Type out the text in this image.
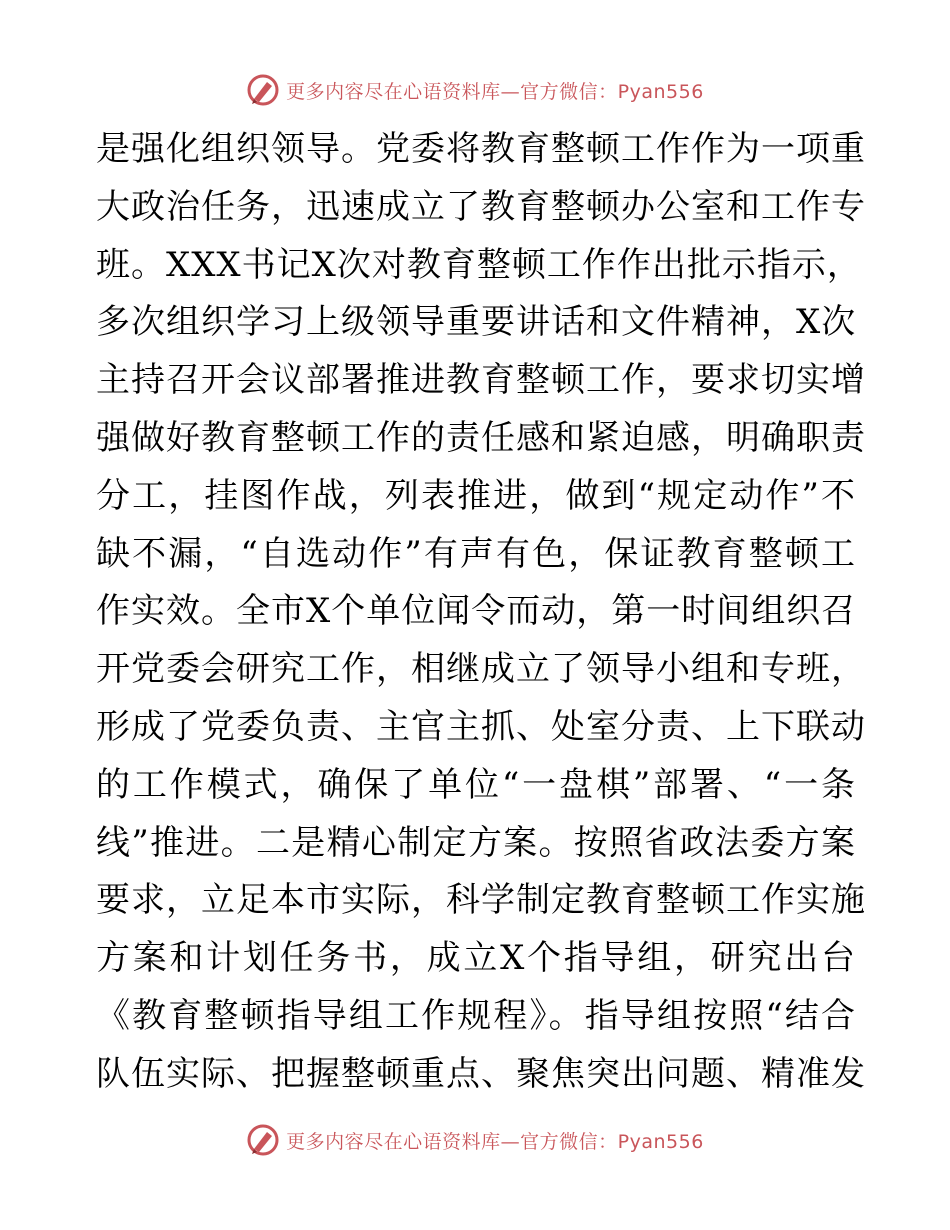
更多内容尽在心语资料库—官方微信：Pyan556
是强化组织领导。党委将教育整顿工作作为一项重
大政治任务，迅速成立了教育整顿办公室和工作专
班。XXX书记X次对教育整顿工作作出批示指示，
多次组织学习上级领导重要讲话和文件精神，X次
主持召开会议部署推进教育整顿工作，要求切实增
强做好教育整顿工作的责任感和紧迫感，明确职责
分工，挂图作战，列表推进，做到“规定动作”不
缺不漏，“自选动作”有声有色，保证教育整顿工
作实效。全市X个单位闻令而动，第一时间组织召
开党委会研究工作，相继成立了领导小组和专班，
形成了党委负责、主官主抓、处室分责、上下联动
的工作模式，确保了单位“一盘棋”部署、“一条
线”推进。二是精心制定方案。按照省政法委方案
要求，立足本市实际，科学制定教育整顿工作实施
方案和计划任务书，成立X个指导组，研究出台
《教育整顿指导组工作规程》。指导组按照“结合
队伍实际、把握整顿重点、聚焦突出问题、精准发
更多内容尽在心语资料库—官方微信：Pyan556
